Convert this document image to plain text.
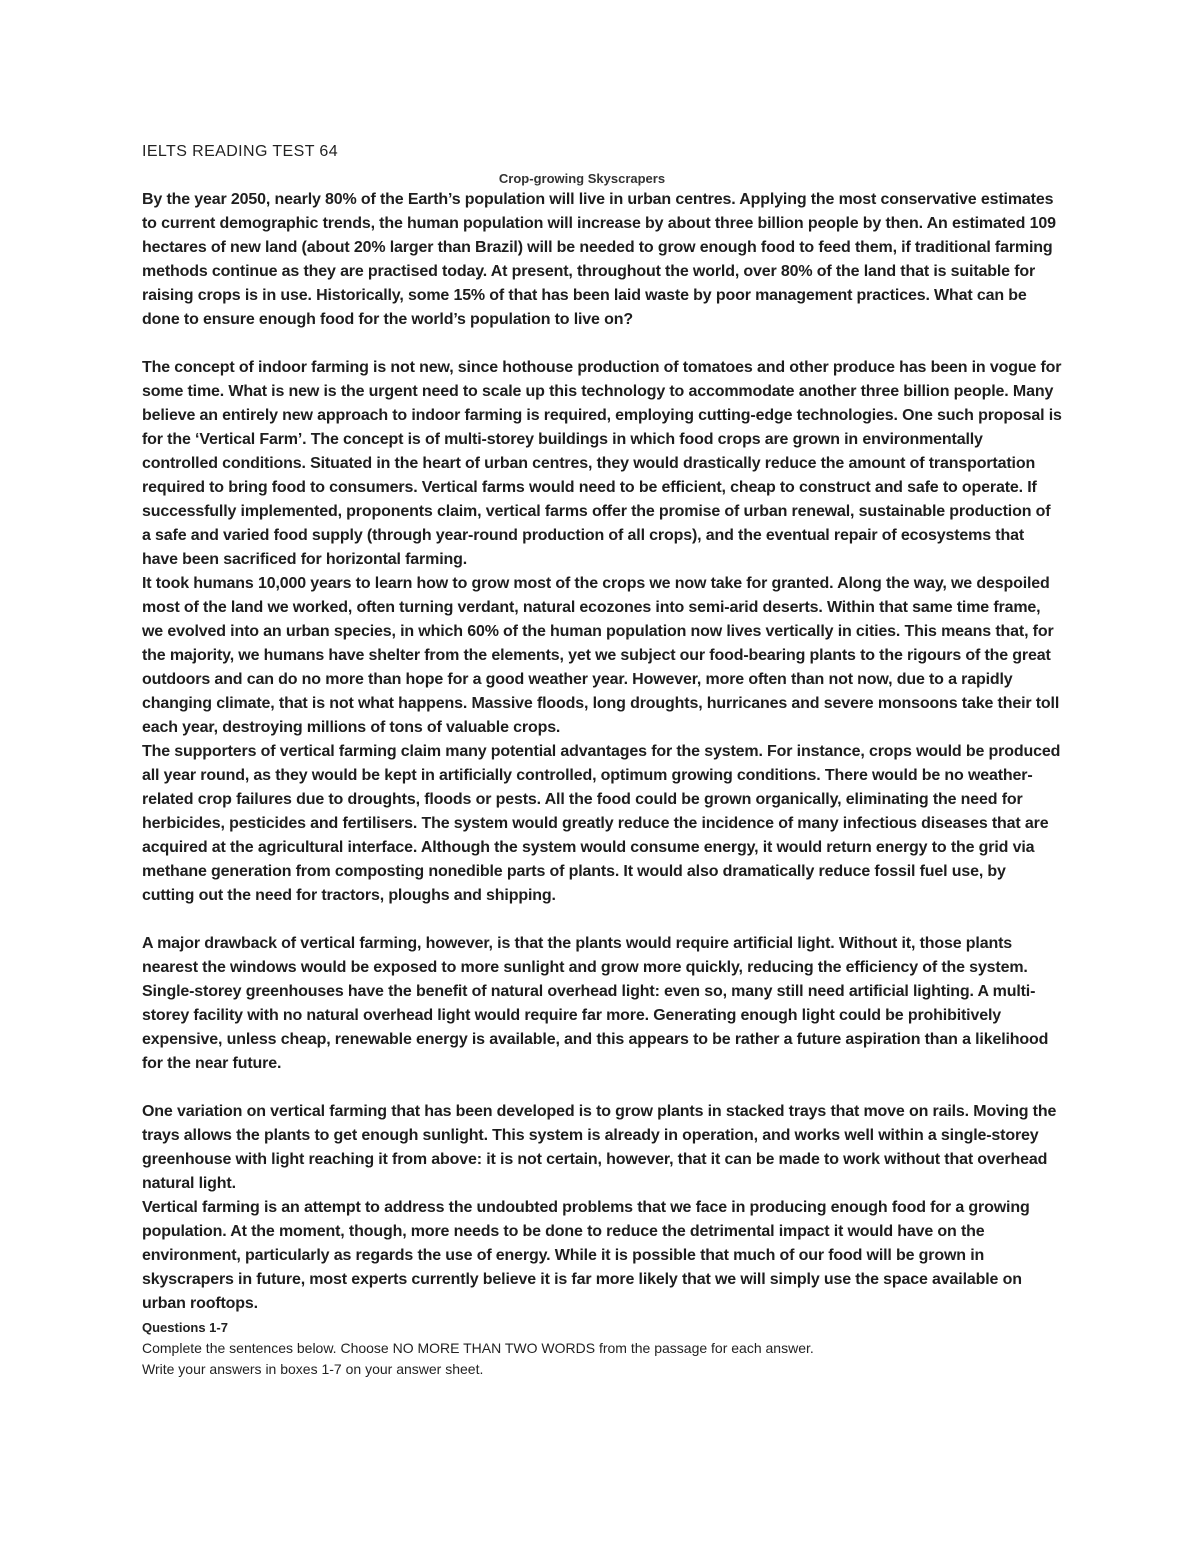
IELTS READING TEST 64
Crop-growing Skyscrapers

By the year 2050, nearly 80% of the Earth’s population will live in urban centres. Applying the most conservative estimates to current demographic trends, the human population will increase by about three billion people by then. An estimated 109 hectares of new land (about 20% larger than Brazil) will be needed to grow enough food to feed them, if traditional farming methods continue as they are practised today. At present, throughout the world, over 80% of the land that is suitable for raising crops is in use. Historically, some 15% of that has been laid waste by poor management practices. What can be done to ensure enough food for the world’s population to live on?

The concept of indoor farming is not new, since hothouse production of tomatoes and other produce has been in vogue for some time. What is new is the urgent need to scale up this technology to accommodate another three billion people. Many believe an entirely new approach to indoor farming is required, employing cutting-edge technologies. One such proposal is for the ‘Vertical Farm’. The concept is of multi-storey buildings in which food crops are grown in environmentally controlled conditions. Situated in the heart of urban centres, they would drastically reduce the amount of transportation required to bring food to consumers. Vertical farms would need to be efficient, cheap to construct and safe to operate. If successfully implemented, proponents claim, vertical farms offer the promise of urban renewal, sustainable production of a safe and varied food supply (through year-round production of all crops), and the eventual repair of ecosystems that have been sacrificed for horizontal farming.

It took humans 10,000 years to learn how to grow most of the crops we now take for granted. Along the way, we despoiled most of the land we worked, often turning verdant, natural ecozones into semi-arid deserts. Within that same time frame, we evolved into an urban species, in which 60% of the human population now lives vertically in cities. This means that, for the majority, we humans have shelter from the elements, yet we subject our food-bearing plants to the rigours of the great outdoors and can do no more than hope for a good weather year. However, more often than not now, due to a rapidly changing climate, that is not what happens. Massive floods, long droughts, hurricanes and severe monsoons take their toll each year, destroying millions of tons of valuable crops.

The supporters of vertical farming claim many potential advantages for the system. For instance, crops would be produced all year round, as they would be kept in artificially controlled, optimum growing conditions. There would be no weather-related crop failures due to droughts, floods or pests. All the food could be grown organically, eliminating the need for herbicides, pesticides and fertilisers. The system would greatly reduce the incidence of many infectious diseases that are acquired at the agricultural interface. Although the system would consume energy, it would return energy to the grid via methane generation from composting nonedible parts of plants. It would also dramatically reduce fossil fuel use, by cutting out the need for tractors, ploughs and shipping.

A major drawback of vertical farming, however, is that the plants would require artificial light. Without it, those plants nearest the windows would be exposed to more sunlight and grow more quickly, reducing the efficiency of the system. Single-storey greenhouses have the benefit of natural overhead light: even so, many still need artificial lighting. A multi-storey facility with no natural overhead light would require far more. Generating enough light could be prohibitively expensive, unless cheap, renewable energy is available, and this appears to be rather a future aspiration than a likelihood for the near future.

One variation on vertical farming that has been developed is to grow plants in stacked trays that move on rails. Moving the trays allows the plants to get enough sunlight. This system is already in operation, and works well within a single-storey greenhouse with light reaching it from above: it is not certain, however, that it can be made to work without that overhead natural light.

Vertical farming is an attempt to address the undoubted problems that we face in producing enough food for a growing population. At the moment, though, more needs to be done to reduce the detrimental impact it would have on the environment, particularly as regards the use of energy. While it is possible that much of our food will be grown in skyscrapers in future, most experts currently believe it is far more likely that we will simply use the space available on urban rooftops.

Questions 1-7

Complete the sentences below. Choose NO MORE THAN TWO WORDS from the passage for each answer.

Write your answers in boxes 1-7 on your answer sheet.
